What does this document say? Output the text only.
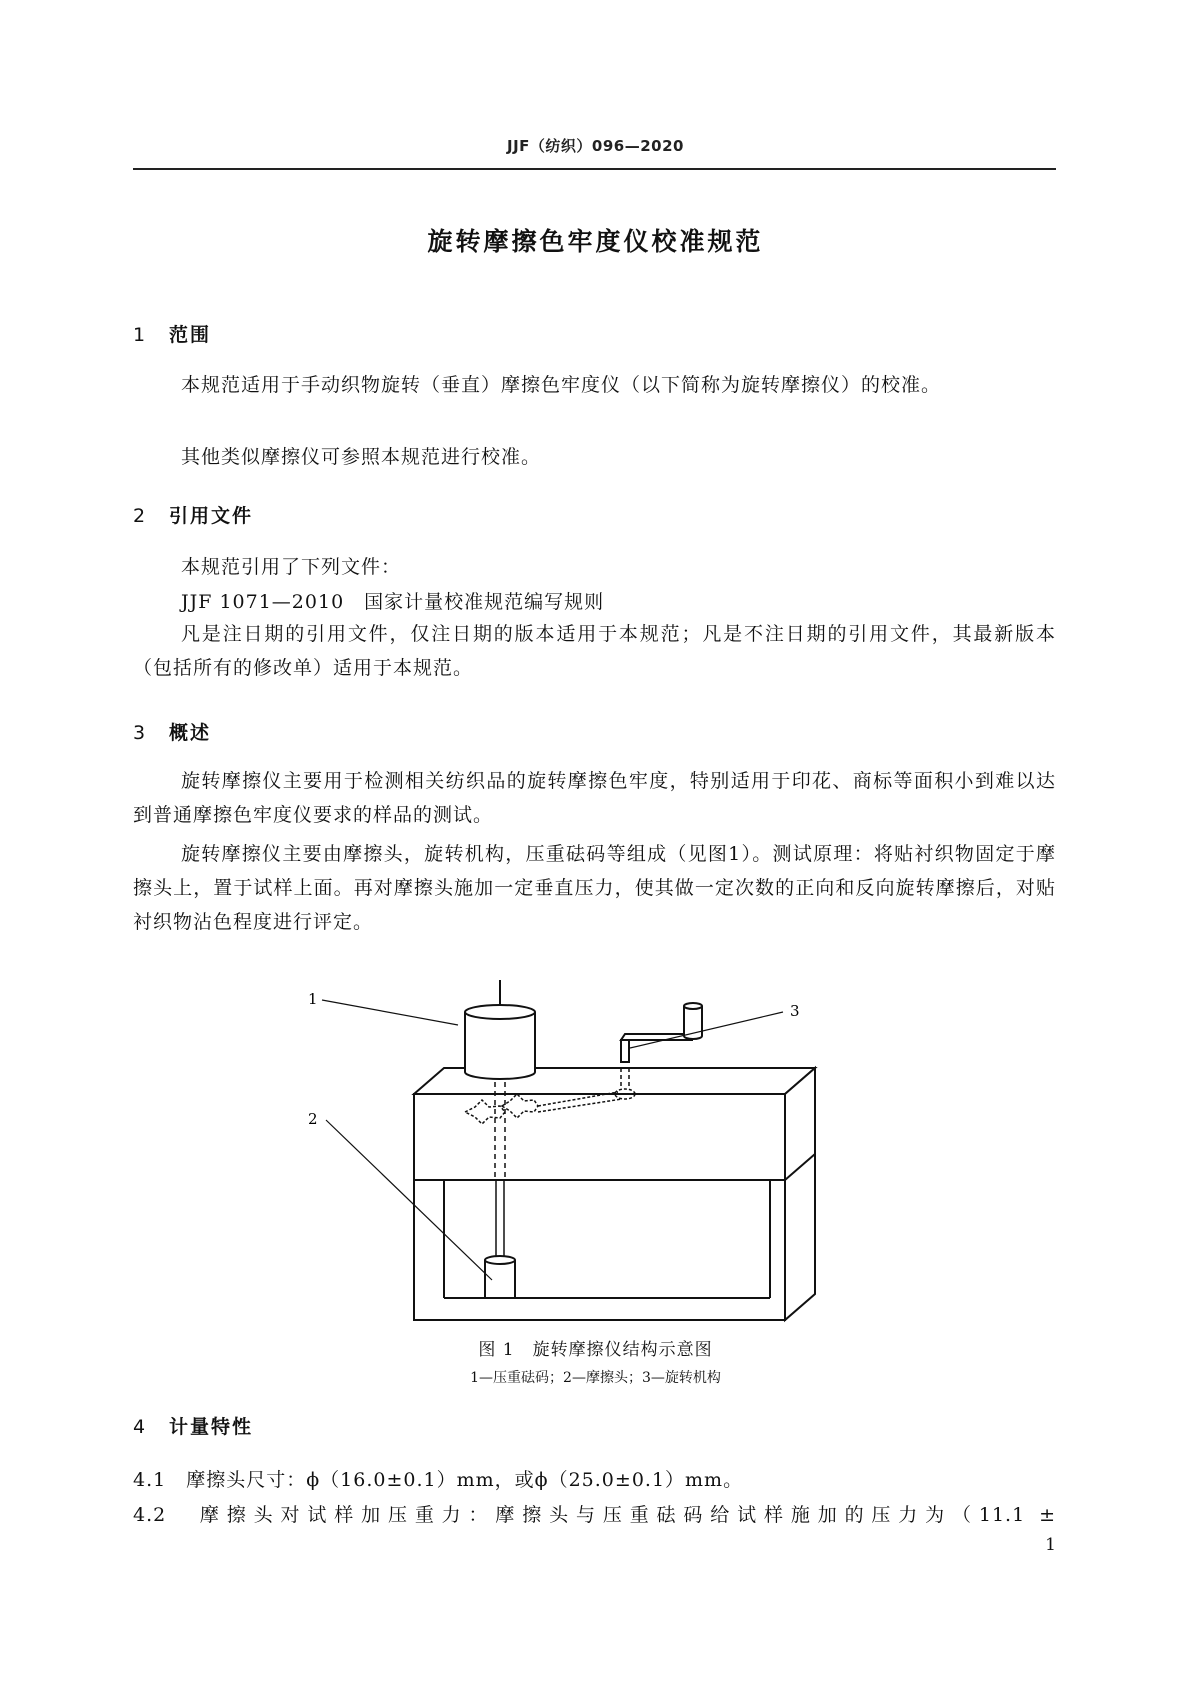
JJF（纺织）096—2020
旋转摩擦色牢度仪校准规范
1 范围

本规范适用于手动织物旋转（垂直）摩擦色牢度仪（以下简称为旋转摩擦仪）的校准。

其他类似摩擦仪可参照本规范进行校准。
2 引用文件
本规范引用了下列文件：
JJF 1071—2010　国家计量校准规范编写规则

凡是注日期的引用文件，仅注日期的版本适用于本规范；凡是不注日期的引用文件，其最新版本（包括所有的修改单）适用于本规范。

3 概述

旋转摩擦仪主要用于检测相关纺织品的旋转摩擦色牢度，特别适用于印花、商标等面积小到难以达到普通摩擦色牢度仪要求的样品的测试。

旋转摩擦仪主要由摩擦头，旋转机构，压重砝码等组成（见图1）。测试原理：将贴衬织物固定于摩擦头上，置于试样上面。再对摩擦头施加一定垂直压力，使其做一定次数的正向和反向旋转摩擦后，对贴衬织物沾色程度进行评定。

1
2
3
图 1　旋转摩擦仪结构示意图
1—压重砝码；2—摩擦头；3—旋转机构
4 计量特性
4.1　摩擦头尺寸：ϕ（16.0±0.1）mm，或ϕ（25.0±0.1）mm。
4.2　摩擦头对试样加压重力：摩擦头与压重砝码给试样施加的压力为（11.1 ±
1
